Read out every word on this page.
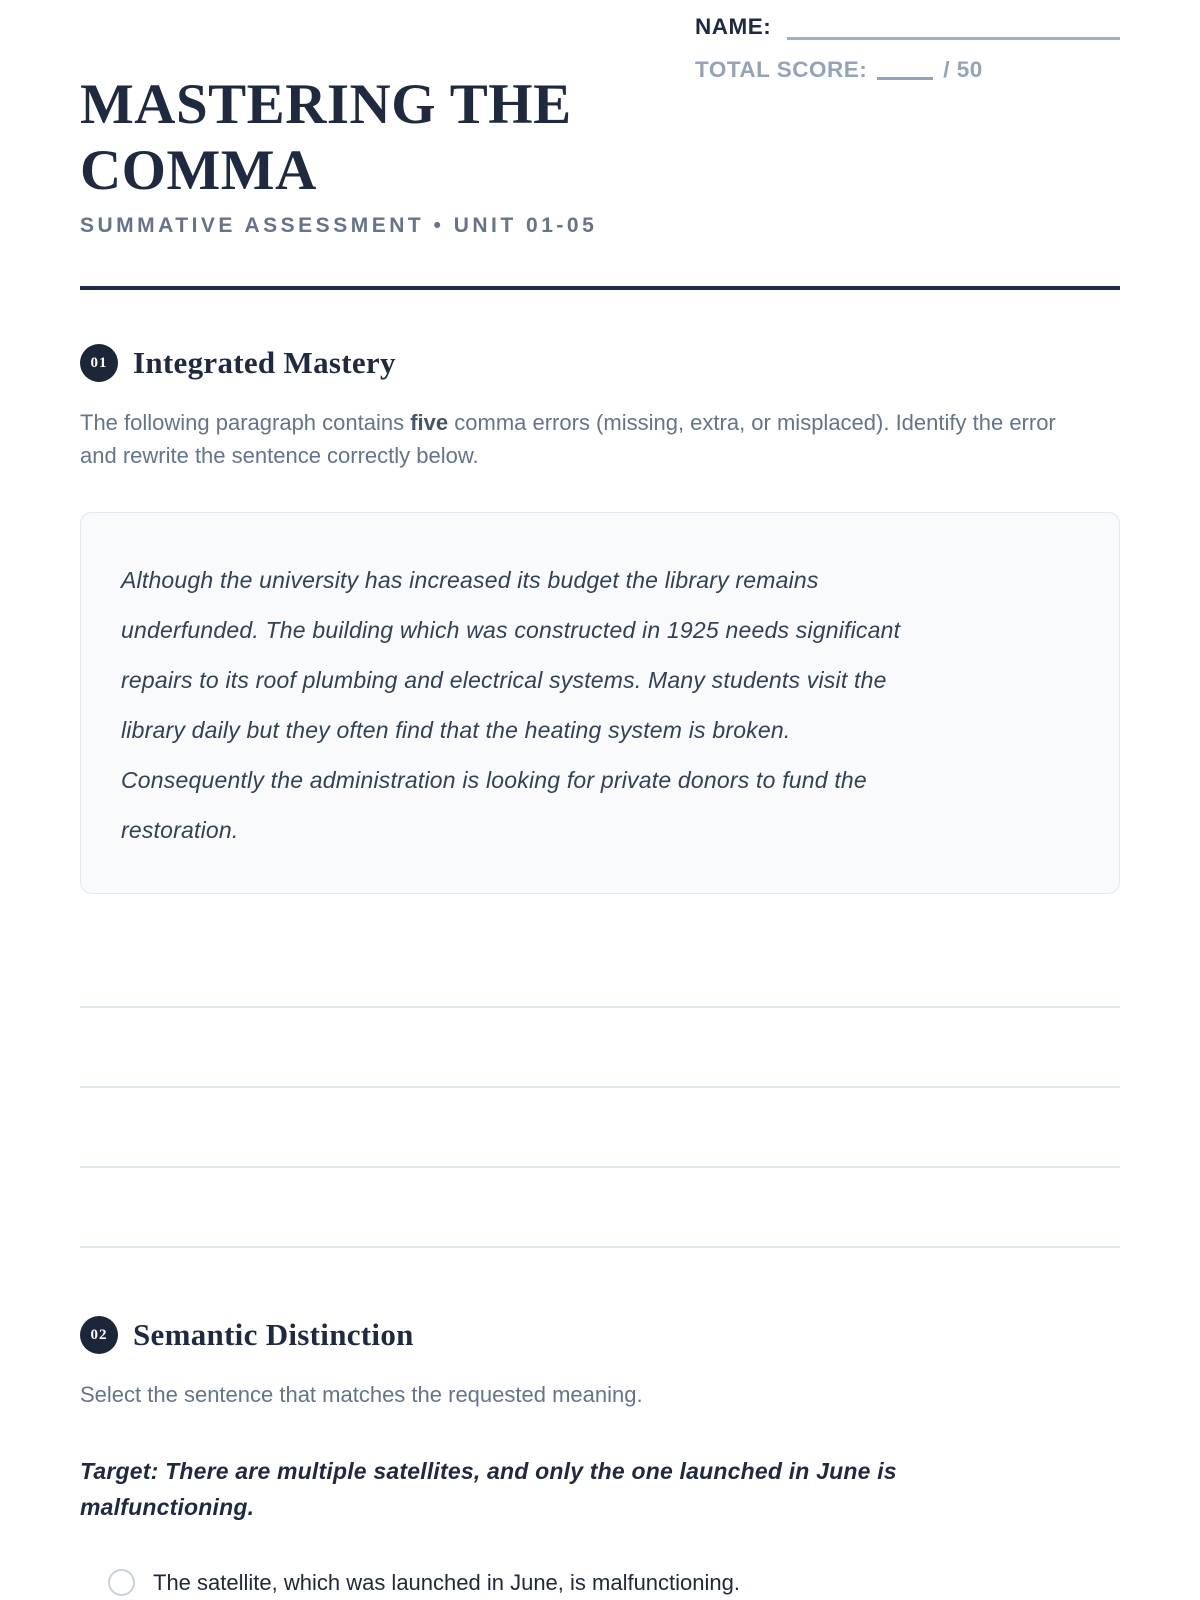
MASTERING THE COMMA
SUMMATIVE ASSESSMENT • UNIT 01-05
NAME:
TOTAL SCORE:	/ 50
01 Integrated Mastery

The following paragraph contains five comma errors (missing, extra, or misplaced). Identify the error and rewrite the sentence correctly below.

Although the university has increased its budget the library remains
underfunded. The building which was constructed in 1925 needs significant
repairs to its roof plumbing and electrical systems. Many students visit the
library daily but they often find that the heating system is broken.
Consequently the administration is looking for private donors to fund the
restoration.
02 Semantic Distinction

Select the sentence that matches the requested meaning.

Target: There are multiple satellites, and only the one launched in June is malfunctioning.

The satellite, which was launched in June, is malfunctioning.
